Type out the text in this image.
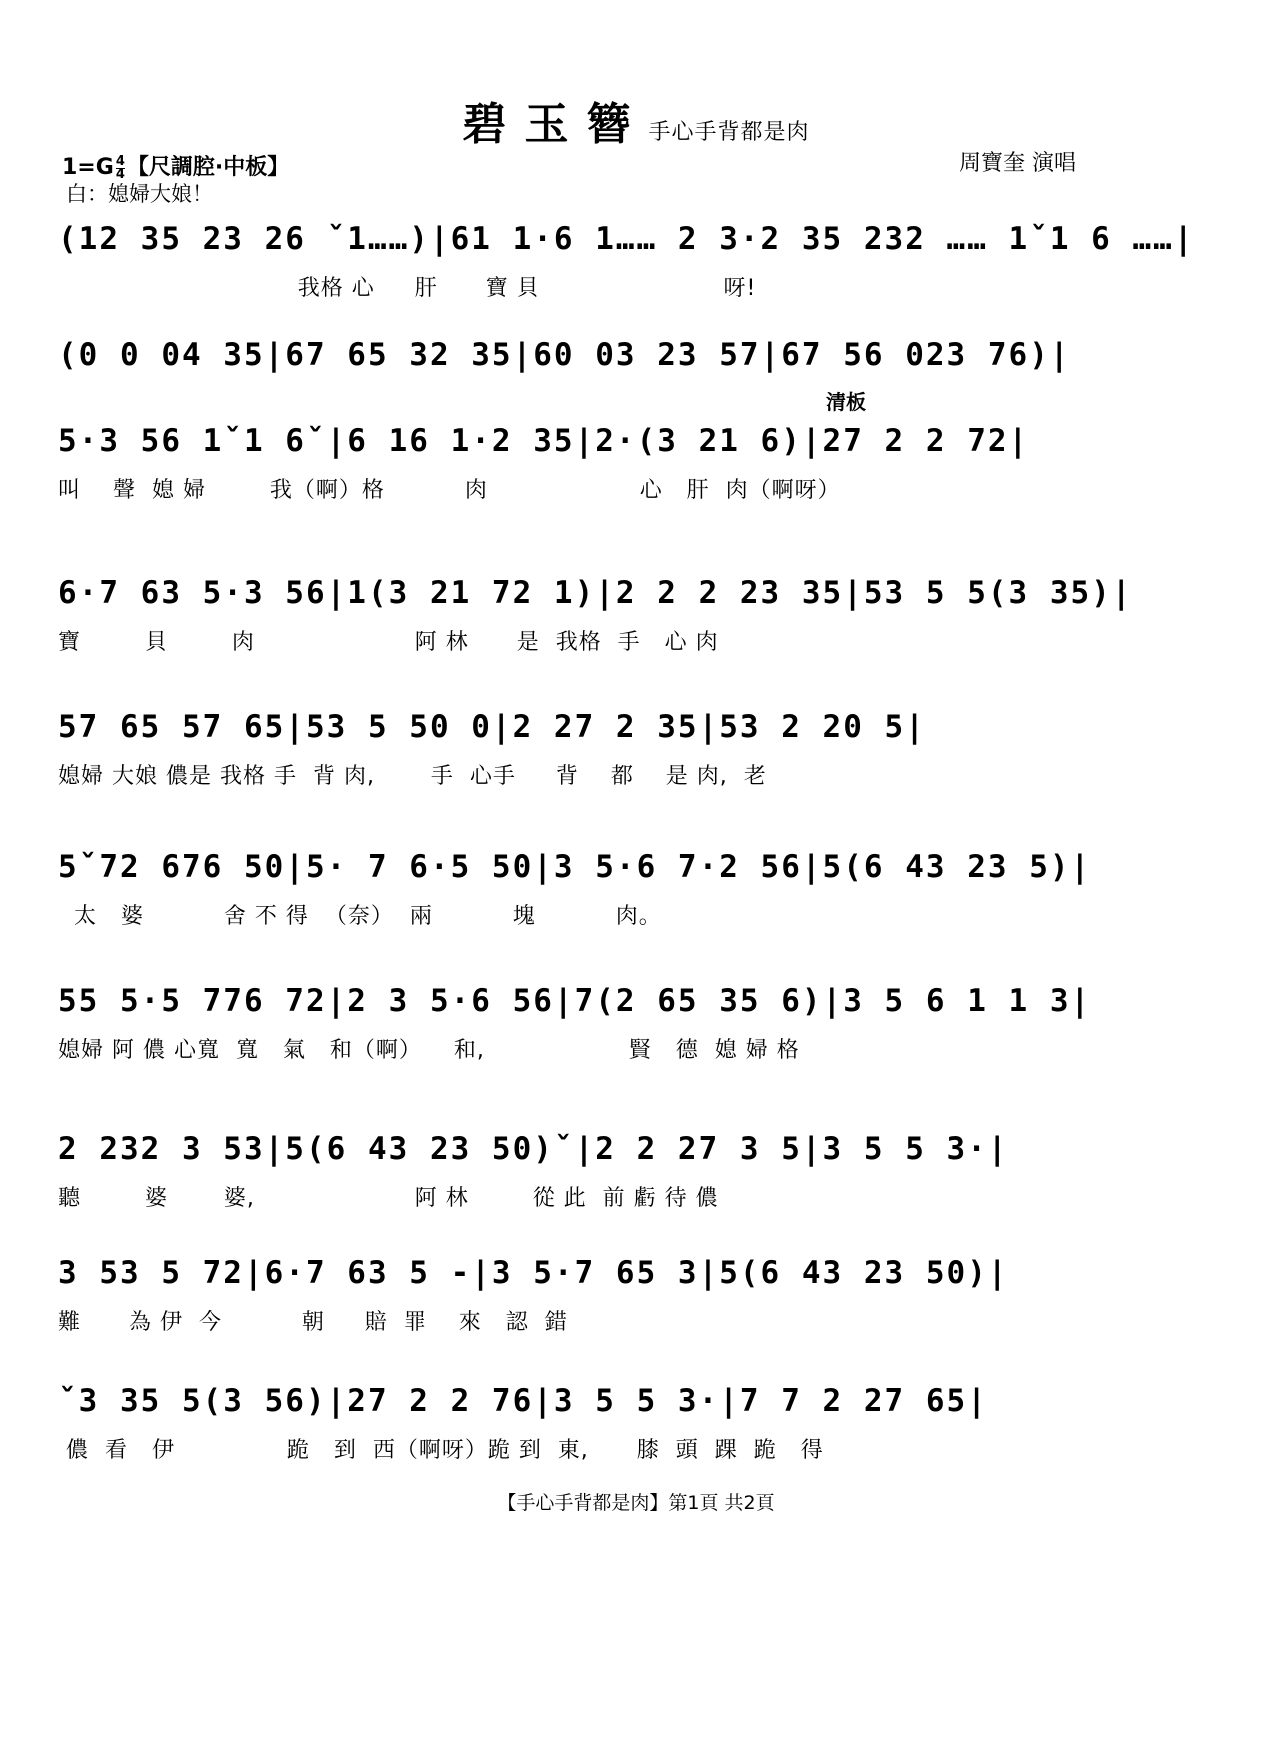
碧玉簪手心手背都是肉
$1=G \frac{4}{4}$ 【尺調腔·中板】	周寶奎 演唱
白：媳婦大娘！
(12 35 23 26 ˇ1……)|61 1·6 1…… 2 3·2 35 232 …… 1ˇ1 6 ……|
我格 心     肝      寶 貝                       呀!
(0 0 04 35|67 65 32 35|60 03 23 57|67 56 023 76)|
清板
5·3 56 1ˇ1 6ˇ|6 16 1·2 35|2·(3 21 6)|27 2 2 72|
叫    聲  媳 婦        我（啊）格          肉                   心   肝  肉（啊呀）
6·7 63 5·3 56|1(3 21 72 1)|2 2 2 23 35|53 5 5(3 35)|
寶        貝        肉                    阿 林      是  我格  手   心 肉
57 65 57 65|53 5 50 0|2 27 2 35|53 2 20 5|
媳婦 大娘 儂是 我格 手  背 肉,       手  心手     背    都    是 肉,  老
5ˇ72 676 50|5· 7 6·5 50|3 5·6 7·2 56|5(6 43 23 5)|
太   婆          舍 不 得  （奈）  兩          塊          肉。
55 5·5 776 72|2 3 5·6 56|7(2 65 35 6)|3 5 6 1 1 3|
媳婦 阿 儂 心寬  寬   氣   和（啊）    和,                  賢   德  媳 婦 格
2 232 3 53|5(6 43 23 50)ˇ|2 2 27 3 5|3 5 5 3·|
聽        婆       婆,                    阿 林        從 此  前 虧 待 儂
3 53 5 72|6·7 63 5 -|3 5·7 65 3|5(6 43 23 50)|
難      為 伊  今          朝     賠  罪    來   認  錯
ˇ3 35 5(3 56)|27 2 2 76|3 5 5 3·|7 7 2 27 65|
儂  看   伊              跪   到  西（啊呀）跪 到  東,      膝  頭  踝  跪   得
【手心手背都是肉】第1頁 共2頁
